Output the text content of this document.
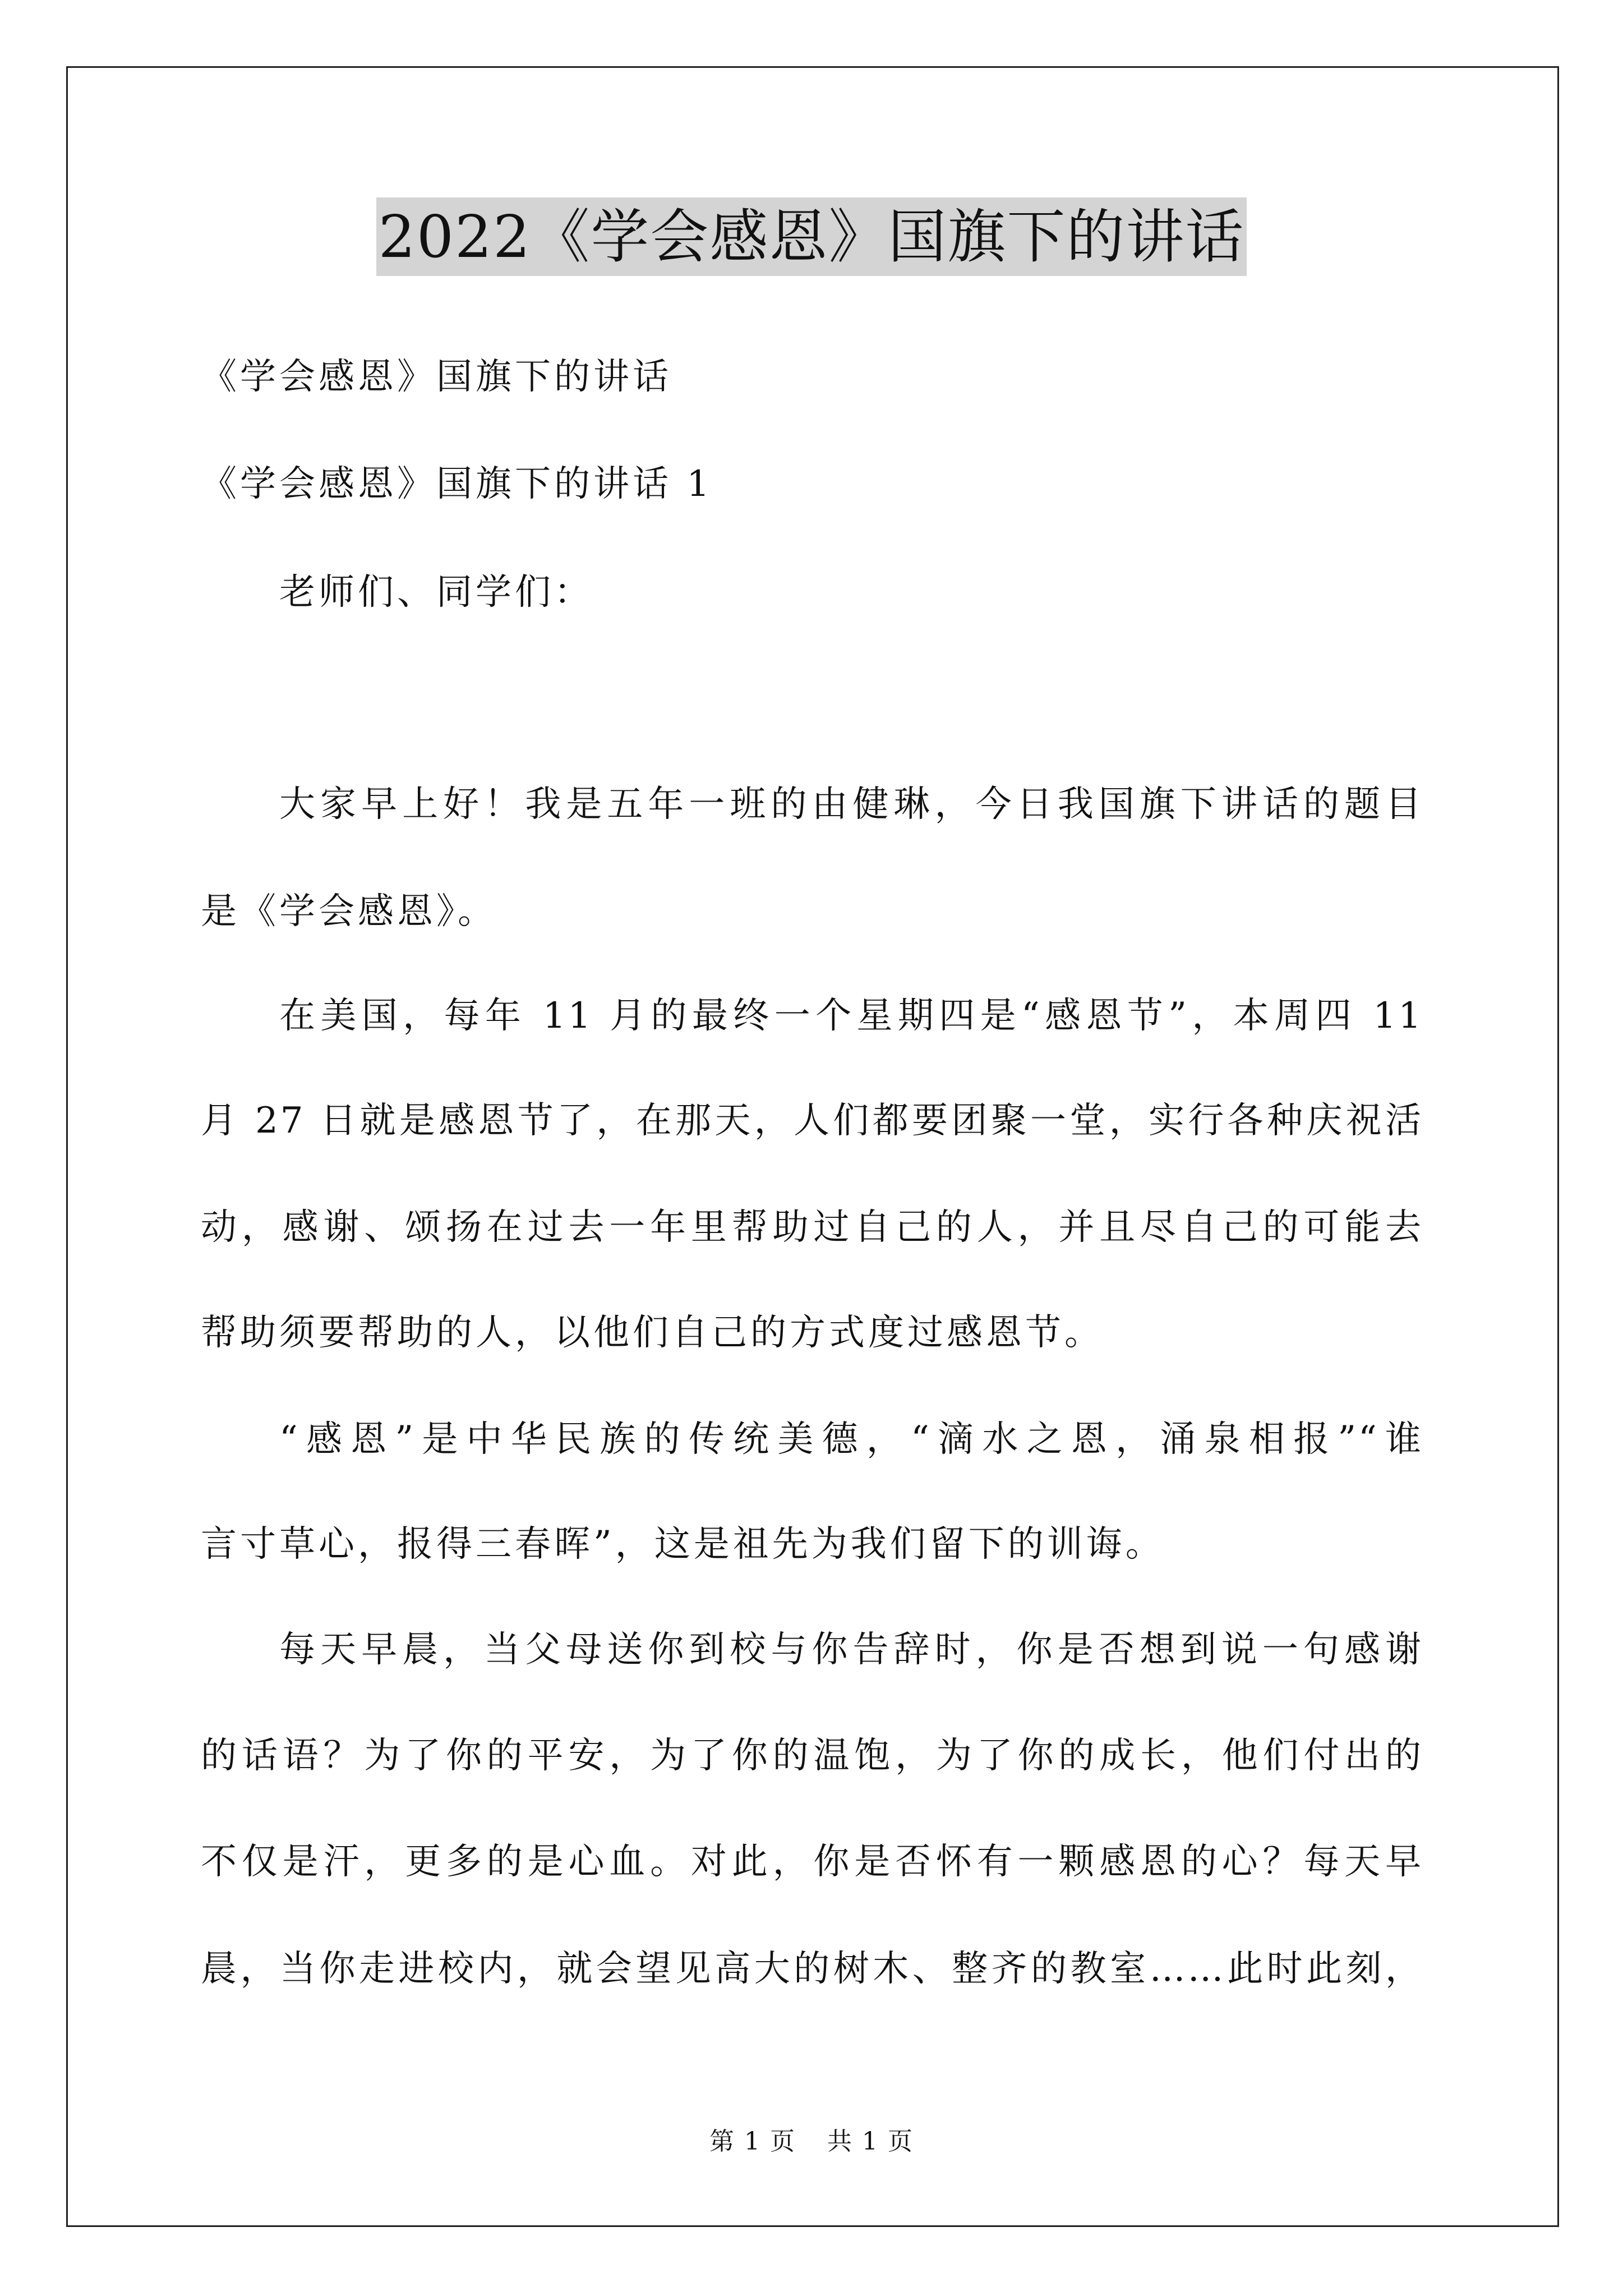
2022《学会感恩》国旗下的讲话
《学会感恩》国旗下的讲话
《学会感恩》国旗下的讲话 1
老师们、同学们：
大家早上好！我是五年一班的由健琳，今日我国旗下讲话的题目
是《学会感恩》。
在美国，每年 11 月的最终一个星期四是“感恩节”，本周四 11
月 27 日就是感恩节了，在那天，人们都要团聚一堂，实行各种庆祝活
动，感谢、颂扬在过去一年里帮助过自己的人，并且尽自己的可能去
帮助须要帮助的人，以他们自己的方式度过感恩节。
“感恩”是中华民族的传统美德，“滴水之恩，涌泉相报”“谁
言寸草心，报得三春晖”，这是祖先为我们留下的训诲。
每天早晨，当父母送你到校与你告辞时，你是否想到说一句感谢
的话语？为了你的平安，为了你的温饱，为了你的成长，他们付出的
不仅是汗，更多的是心血。对此，你是否怀有一颗感恩的心？每天早
晨，当你走进校内，就会望见高大的树木、整齐的教室……此时此刻，
第 1 页 共 1 页
